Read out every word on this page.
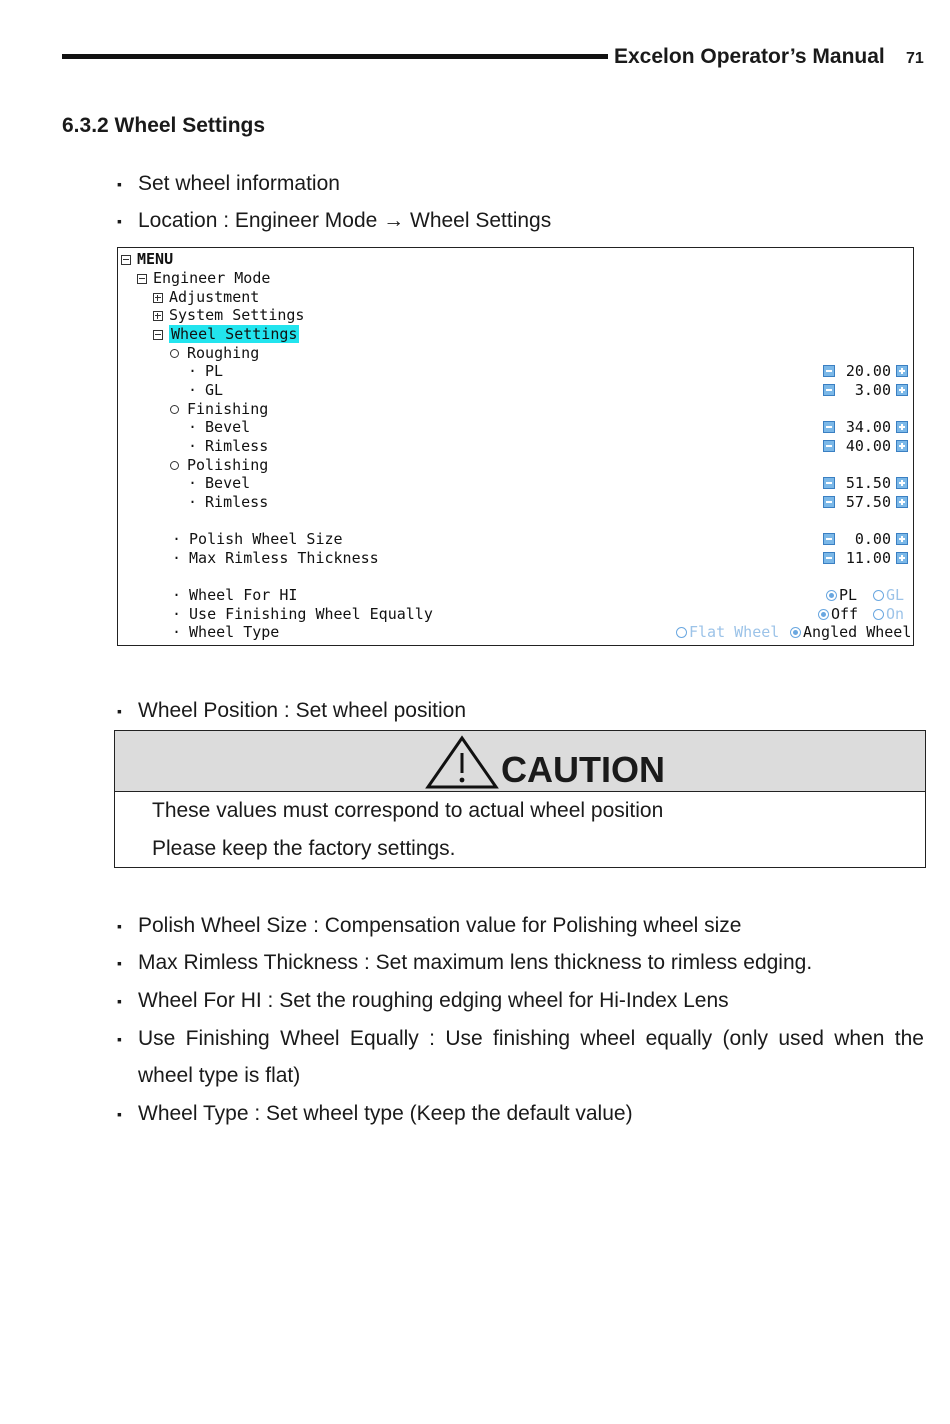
Excelon Operator’s Manual 71
6.3.2 Wheel Settings
▪ Set wheel information
▪ Location : Engineer Mode → Wheel Settings
MENU
Engineer Mode
Adjustment
System Settings
Wheel Settings
Roughing
· PL	20.00
· GL	3.00
Finishing
· Bevel	34.00
· Rimless	40.00
Polishing
· Bevel	51.50
· Rimless	57.50
· Polish Wheel Size	0.00
· Max Rimless Thickness	11.00
· Wheel For HI	PL	GL
· Use Finishing Wheel Equally	Off	On
· Wheel Type	Flat Wheel	Angled Wheel
▪ Wheel Position : Set wheel position
CAUTION
These values must correspond to actual wheel position
Please keep the factory settings.
▪ Polish Wheel Size : Compensation value for Polishing wheel size
▪ Max Rimless Thickness : Set maximum lens thickness to rimless edging.
▪ Wheel For HI : Set the roughing edging wheel for Hi-Index Lens
▪ Use Finishing Wheel Equally : Use finishing wheel equally (only used when the
wheel type is flat)
▪ Wheel Type : Set wheel type (Keep the default value)
